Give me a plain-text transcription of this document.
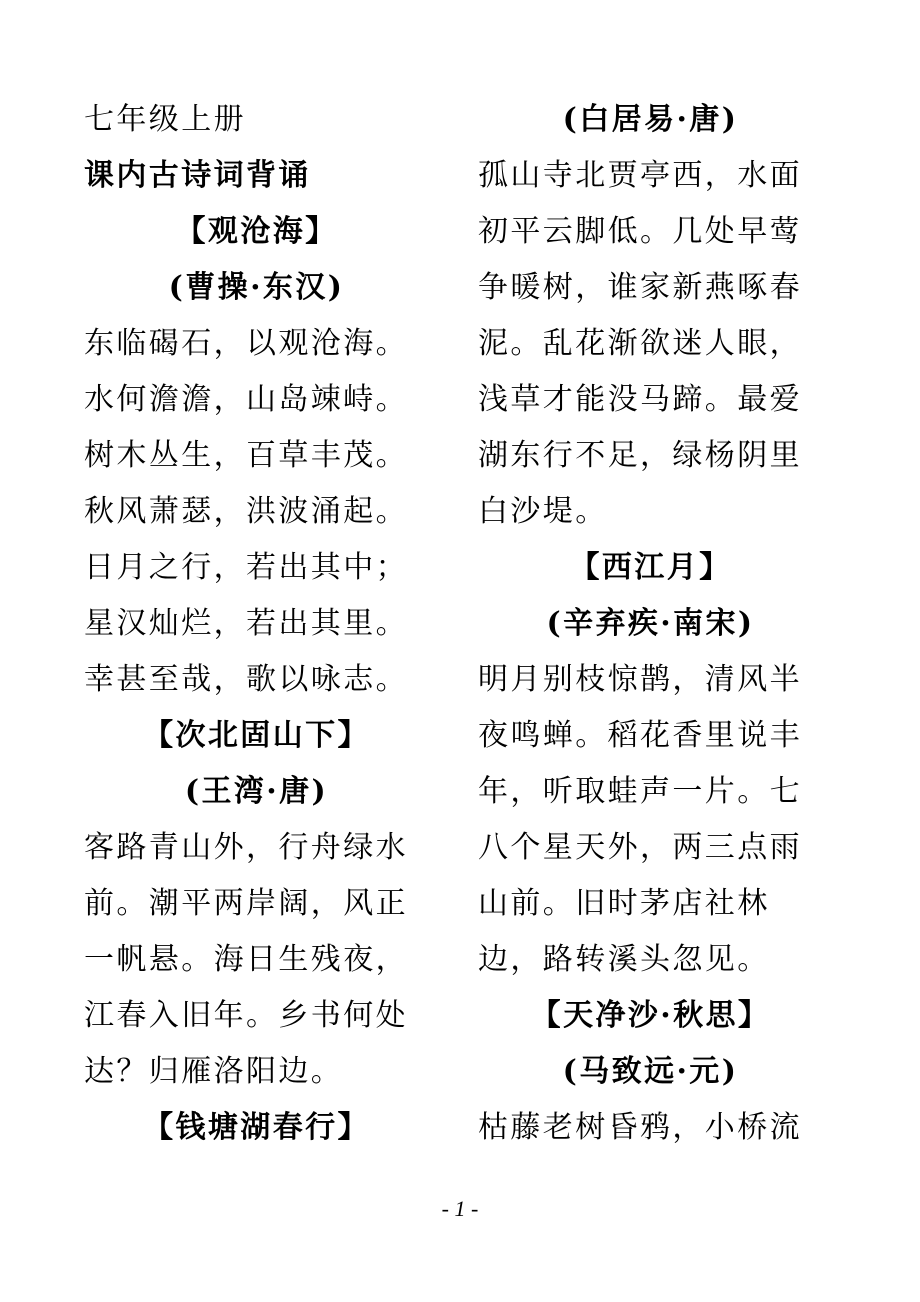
七年级上册
课内古诗词背诵
【观沧海】
(曹操·东汉)
东临碣石，以观沧海。
水何澹澹，山岛竦峙。
树木丛生，百草丰茂。
秋风萧瑟，洪波涌起。
日月之行，若出其中；
星汉灿烂，若出其里。
幸甚至哉，歌以咏志。
【次北固山下】
(王湾·唐)
客路青山外，行舟绿水
前。潮平两岸阔，风正
一帆悬。海日生残夜，
江春入旧年。乡书何处
达？归雁洛阳边。
【钱塘湖春行】
(白居易·唐)
孤山寺北贾亭西，水面
初平云脚低。几处早莺
争暖树，谁家新燕啄春
泥。乱花渐欲迷人眼，
浅草才能没马蹄。最爱
湖东行不足，绿杨阴里
白沙堤。
【西江月】
(辛弃疾·南宋)
明月别枝惊鹊，清风半
夜鸣蝉。稻花香里说丰
年，听取蛙声一片。七
八个星天外，两三点雨
山前。旧时茅店社林
边，路转溪头忽见。
【天净沙·秋思】
(马致远·元)
枯藤老树昏鸦，小桥流
- 1 -
